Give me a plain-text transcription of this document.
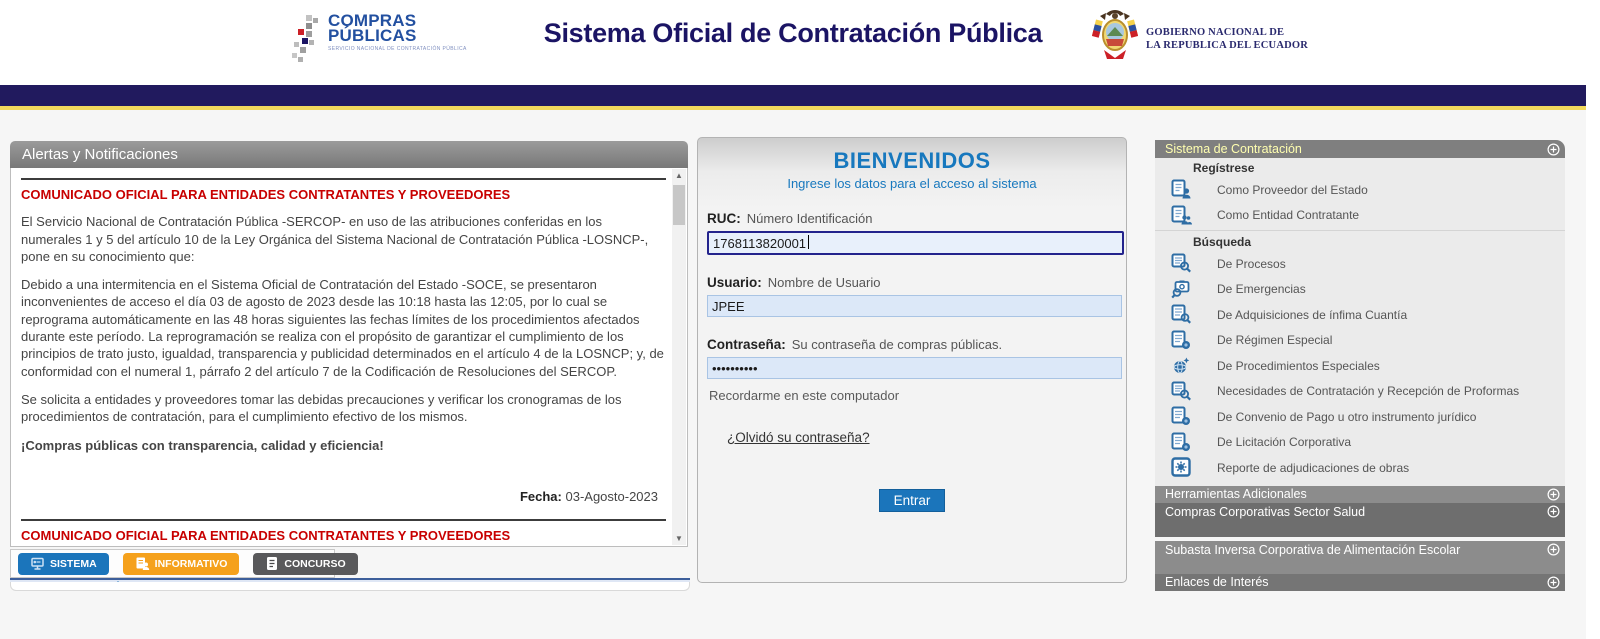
COMPRAS
PÚBLICAS
SERVICIO NACIONAL DE CONTRATACIÓN PÚBLICA
Sistema Oficial de Contratación Pública	GOBIERNO NACIONAL DE
LA REPUBLICA DEL ECUADOR
Alertas y Notificaciones
COMUNICADO OFICIAL PARA ENTIDADES CONTRATANTES Y PROVEEDORES

El Servicio Nacional de Contratación Pública -SERCOP- en uso de las atribuciones conferidas en los numerales 1 y 5 del artículo 10 de la Ley Orgánica del Sistema Nacional de Contratación Pública -LOSNCP-, pone en su conocimiento que:

Debido a una intermitencia en el Sistema Oficial de Contratación del Estado -SOCE, se presentaron inconvenientes de acceso el día 03 de agosto de 2023 desde las 10:18 hasta las 12:05, por lo cual se reprograma automáticamente en las 48 horas siguientes las fechas límites de los procedimientos afectados durante este período. La reprogramación se realiza con el propósito de garantizar el cumplimiento de los principios de trato justo, igualdad, transparencia y publicidad determinados en el artículo 4 de la LOSNCP; y, de conformidad con el numeral 1, párrafo 2 del artículo 7 de la Codificación de Resoluciones del SERCOP.

Se solicita a entidades y proveedores tomar las debidas precauciones y verificar los cronogramas de los procedimientos de contratación, para el cumplimiento efectivo de los mismos.

¡Compras públicas con transparencia, calidad y eficiencia!

Fecha: 03-Agosto-2023
COMUNICADO OFICIAL PARA ENTIDADES CONTRATANTES Y PROVEEDORES

▲
▼
SISTEMA	INFORMATIVO	CONCURSO
BIENVENIDOS
Ingrese los datos para el acceso al sistema
RUC: Número Identificación
1768113820001
Usuario: Nombre de Usuario
JPEE
Contraseña: Su contraseña de compras públicas.
••••••••••
Recordarme en este computador
¿Olvidó su contraseña?
Entrar
Sistema de Contratación
Regístrese
Como Proveedor del Estado
Como Entidad Contratante
Búsqueda
De Procesos
De Emergencias
De Adquisiciones de ínfima Cuantía
De Régimen Especial
De Procedimientos Especiales
Necesidades de Contratación y Recepción de Proformas
De Convenio de Pago u otro instrumento jurídico
De Licitación Corporativa
Reporte de adjudicaciones de obras
Herramientas Adicionales
Compras Corporativas Sector Salud
Subasta Inversa Corporativa de Alimentación Escolar
Enlaces de Interés
